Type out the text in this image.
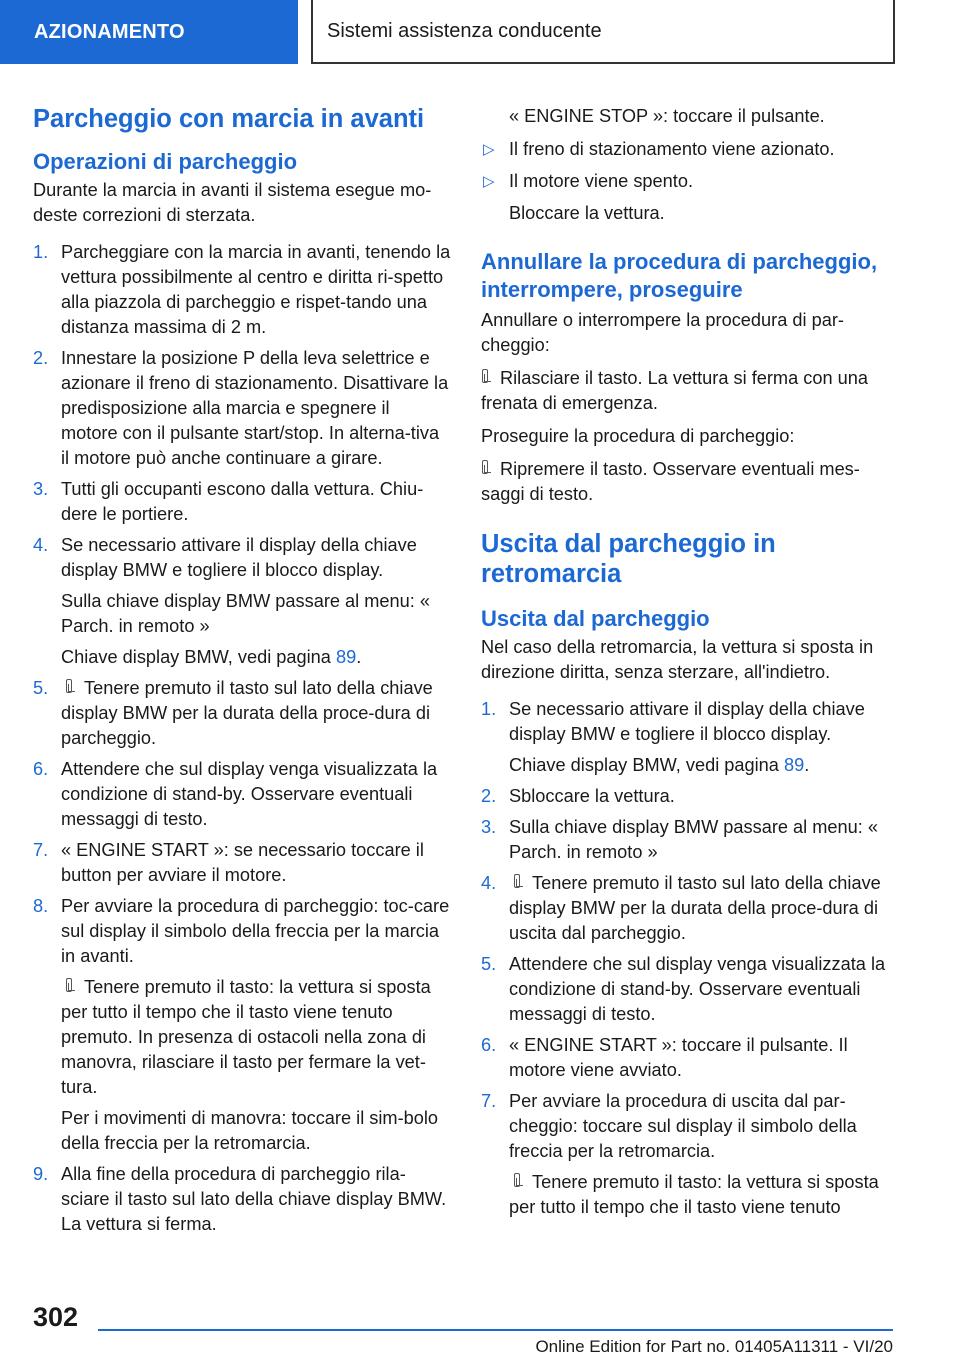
AZIONAMENTO	Sistemi assistenza conducente
Parcheggio con marcia in avanti
Operazioni di parcheggio

Durante la marcia in avanti il sistema esegue mo-deste correzioni di sterzata.

1. Parcheggiare con la marcia in avanti, tenendo la vettura possibilmente al centro e diritta ri-spetto alla piazzola di parcheggio e rispet-tando una distanza massima di 2 m.
2. Innestare la posizione P della leva selettrice e azionare il freno di stazionamento. Disattivare la predisposizione alla marcia e spegnere il motore con il pulsante start/stop. In alterna-tiva il motore può anche continuare a girare.
3. Tutti gli occupanti escono dalla vettura. Chiu-dere le portiere.
4. Se necessario attivare il display della chiave display BMW e togliere il blocco display.

Sulla chiave display BMW passare al menu: « Parch. in remoto »

Chiave display BMW, vedi pagina 89.

5. Tenere premuto il tasto sul lato della chiave display BMW per la durata della proce-dura di parcheggio.
6. Attendere che sul display venga visualizzata la condizione di stand-by. Osservare eventuali messaggi di testo.
7. « ENGINE START »: se necessario toccare il button per avviare il motore.
8. Per avviare la procedura di parcheggio: toc-care sul display il simbolo della freccia per la marcia in avanti.

Tenere premuto il tasto: la vettura si sposta per tutto il tempo che il tasto viene tenuto premuto. In presenza di ostacoli nella zona di manovra, rilasciare il tasto per fermare la vet-tura.

Per i movimenti di manovra: toccare il sim-bolo della freccia per la retromarcia.

9. Alla fine della procedura di parcheggio rila-sciare il tasto sul lato della chiave display BMW. La vettura si ferma.

« ENGINE STOP »: toccare il pulsante.

▷ Il freno di stazionamento viene azionato.
▷ Il motore viene spento.

Bloccare la vettura.

Annullare la procedura di parcheggio, interrompere, proseguire

Annullare o interrompere la procedura di par-cheggio:

Rilasciare il tasto. La vettura si ferma con una frenata di emergenza.

Proseguire la procedura di parcheggio:

Ripremere il tasto. Osservare eventuali mes-saggi di testo.

Uscita dal parcheggio in retromarcia
Uscita dal parcheggio

Nel caso della retromarcia, la vettura si sposta in direzione diritta, senza sterzare, all'indietro.

1. Se necessario attivare il display della chiave display BMW e togliere il blocco display.

Chiave display BMW, vedi pagina 89.

2. Sbloccare la vettura.
3. Sulla chiave display BMW passare al menu: « Parch. in remoto »
4. Tenere premuto il tasto sul lato della chiave display BMW per la durata della proce-dura di uscita dal parcheggio.
5. Attendere che sul display venga visualizzata la condizione di stand-by. Osservare eventuali messaggi di testo.
6. « ENGINE START »: toccare il pulsante. Il motore viene avviato.
7. Per avviare la procedura di uscita dal par-cheggio: toccare sul display il simbolo della freccia per la retromarcia.

Tenere premuto il tasto: la vettura si sposta per tutto il tempo che il tasto viene tenuto

302
Online Edition for Part no. 01405A11311 - VI/20
